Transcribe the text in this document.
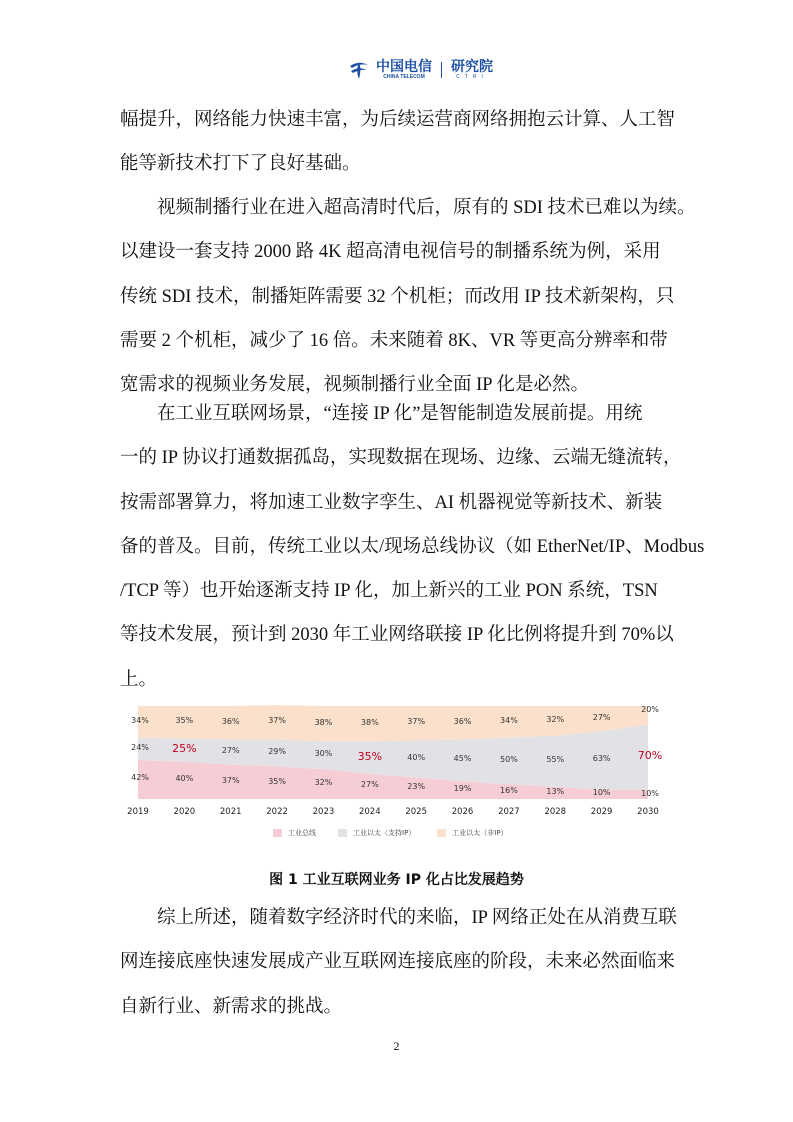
中国电信
CHINA TELECOM
研究院
CTRI
幅提升，网络能力快速丰富，为后续运营商网络拥抱云计算、人工智
能等新技术打下了良好基础。
视频制播行业在进入超高清时代后，原有的 SDI 技术已难以为续。
以建设一套支持 2000 路 4K 超高清电视信号的制播系统为例，采用
传统 SDI 技术，制播矩阵需要 32 个机柜；而改用 IP 技术新架构，只
需要 2 个机柜，减少了 16 倍。未来随着 8K、VR 等更高分辨率和带
宽需求的视频业务发展，视频制播行业全面 IP 化是必然。
在工业互联网场景，“连接 IP 化”是智能制造发展前提。用统
一的 IP 协议打通数据孤岛，实现数据在现场、边缘、云端无缝流转，
按需部署算力，将加速工业数字孪生、AI 机器视觉等新技术、新装
备的普及。目前，传统工业以太/现场总线协议（如 EtherNet/IP、Modbus
/TCP 等）也开始逐渐支持 IP 化，加上新兴的工业 PON 系统，TSN
等技术发展，预计到 2030 年工业网络联接 IP 化比例将提升到 70%以
上。
42%	40%	37%	35%	32%	27%	23%	19%	16%	13%	10%	10%
24% 25%	27%	29%	30% 35%	40%	45%	50%	55%	63% 70%
34%	35%	36%	37%	38%	38%	37%	36%	34%	32%	27%
20%
2019	2020	2021	2022	2023	2024	2025	2026	2027	2028	2029	2030
工业总线	工业以太（支持IP）	工业以太（非IP）
图 1 工业互联网业务 IP 化占比发展趋势
综上所述，随着数字经济时代的来临，IP 网络正处在从消费互联
网连接底座快速发展成产业互联网连接底座的阶段，未来必然面临来
自新行业、新需求的挑战。
2
